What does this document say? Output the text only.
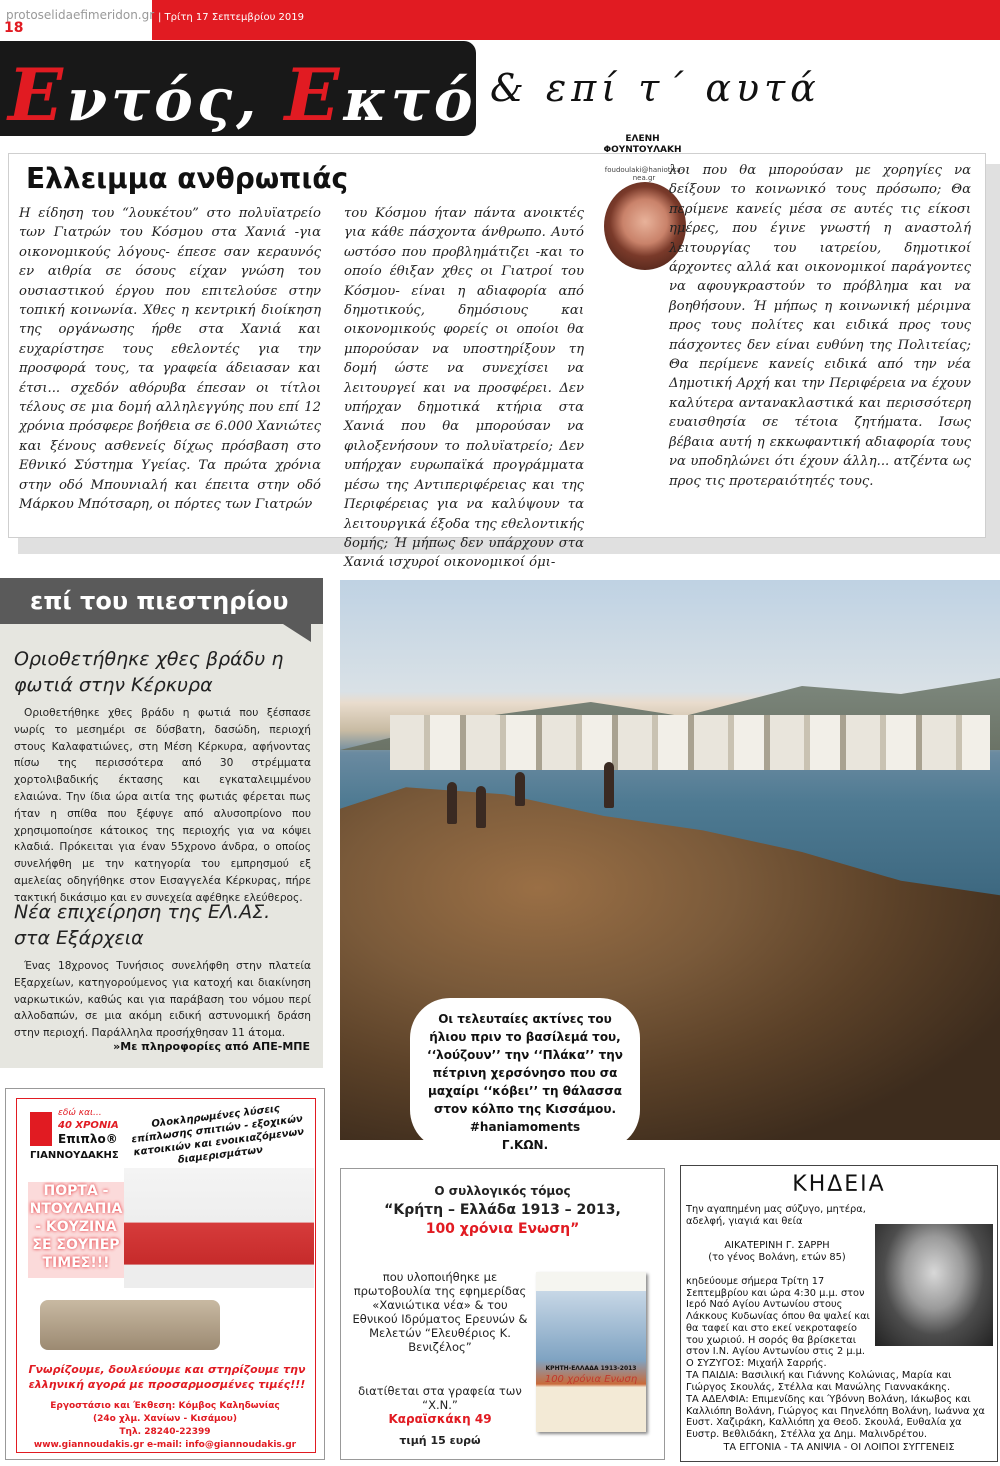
18
protoselidaefimeridon.gr | Τρίτη 17 Σεπτεμβρίου 2019
Εντός, Εκτός...
& επί τ΄ αυτά
Ελλειμμα ανθρωπιάς
ΕΛΕΝΗ ΦΟΥΝΤΟΥΛΑΚΗ
foudoulaki@haniotika-nea.gr
Η είδηση του “λουκέτου” στο πολυϊατρείο των Γιατρών του Κόσμου στα Χανιά -για οικονομικούς λόγους- έπεσε σαν κεραυνός εν αιθρία σε όσους είχαν γνώση του ουσιαστικού έργου που επιτελούσε στην τοπική κοινωνία. Χθες η κεντρική διοίκηση της οργάνωσης ήρθε στα Χανιά και ευχαρίστησε τους εθελοντές για την προσφορά τους, τα γραφεία άδειασαν και έτσι... σχεδόν αθόρυβα έπεσαν οι τίτλοι τέλους σε μια δομή αλληλεγγύης που επί 12 χρόνια πρόσφερε βοήθεια σε 6.000 Χανιώτες και ξένους ασθενείς δίχως πρόσβαση στο Εθνικό Σύστημα Υγείας. Τα πρώτα χρόνια στην οδό Μπουνιαλή και έπειτα στην οδό Μάρκου Μπότσαρη, οι πόρτες των Γιατρών
του Κόσμου ήταν πάντα ανοικτές για κάθε πάσχοντα άνθρωπο. Αυτό ωστόσο που προβλημάτιζει -και το οποίο έθιξαν χθες οι Γιατροί του Κόσμου- είναι η αδιαφορία από δημοτικούς, δημόσιους και οικονομικούς φορείς οι οποίοι θα μπορούσαν να υποστηρίξουν τη δομή ώστε να συνεχίσει να λειτουργεί και να προσφέρει. Δεν υπήρχαν δημοτικά κτήρια στα Χανιά που θα μπορούσαν να φιλοξενήσουν το πολυϊατρείο; Δεν υπήρχαν ευρωπαϊκά προγράμματα μέσω της Αντιπεριφέρειας και της Περιφέρειας για να καλύψουν τα λειτουργικά έξοδα της εθελοντικής δομής; Ή μήπως δεν υπάρχουν στα Χανιά ισχυροί οικονομικοί όμι-
λοι που θα μπορούσαν με χορηγίες να δείξουν το κοινωνικό τους πρόσωπο; Θα περίμενε κανείς μέσα σε αυτές τις είκοσι ημέρες, που έγινε γνωστή η αναστολή λειτουργίας του ιατρείου, δημοτικοί άρχοντες αλλά και οικονομικοί παράγοντες να αφουγκραστούν το πρόβλημα και να βοηθήσουν. Ή μήπως η κοινωνική μέριμνα προς τους πολίτες και ειδικά προς τους πάσχοντες δεν είναι ευθύνη της Πολιτείας; Θα περίμενε κανείς ειδικά από την νέα Δημοτική Αρχή και την Περιφέρεια να έχουν καλύτερα αντανακλαστικά και περισσότερη ευαισθησία σε τέτοια ζητήματα. Ισως βέβαια αυτή η εκκωφαντική αδιαφορία τους να υποδηλώνει ότι έχουν άλλη... ατζέντα ως προς τις προτεραιότητές τους.
επί του πιεστηρίου
Οριοθετήθηκε χθες βράδυ η φωτιά στην Κέρκυρα
Οριοθετήθηκε χθες βράδυ η φωτιά που ξέσπασε νωρίς το μεσημέρι σε δύσβατη, δασώδη, περιοχή στους Καλαφατιώνες, στη Μέση Κέρκυρα, αφήνοντας πίσω της περισσότερα από 30 στρέμματα χορτολιβαδικής έκτασης και εγκαταλειμμένου ελαιώνα. Την ίδια ώρα αιτία της φωτιάς φέρεται πως ήταν η σπίθα που ξέφυγε από αλυσοπρίονο που χρησιμοποίησε κάτοικος της περιοχής για να κόψει κλαδιά. Πρόκειται για έναν 55χρονο άνδρα, ο οποίος συνελήφθη με την κατηγορία του εμπρησμού εξ αμελείας οδηγήθηκε στον Εισαγγελέα Κέρκυρας, πήρε τακτική δικάσιμο και εν συνεχεία αφέθηκε ελεύθερος.
Νέα επιχείρηση της ΕΛ.ΑΣ. στα Εξάρχεια
Ένας 18χρονος Τυνήσιος συνελήφθη στην πλατεία Εξαρχείων, κατηγορούμενος για κατοχή και διακίνηση ναρκωτικών, καθώς και για παράβαση του νόμου περί αλλοδαπών, σε μια ακόμη ειδική αστυνομική δράση στην περιοχή. Παράλληλα προσήχθησαν 11 άτομα.
»Με πληροφορίες από ΑΠΕ-ΜΠΕ
Οι τελευταίες ακτίνες του ήλιου πριν το βασίλεμά του, ‘‘λούζουν’’ την ‘‘Πλάκα’’ την πέτρινη χερσόνησο που σα μαχαίρι ‘‘κόβει’’ τη θάλασσα στον κόλπο της Κισσάμου.
#haniamoments
Γ.ΚΩΝ.
εδώ και...
40 ΧΡΟΝΙΑ
Επιπλο®
ΓΙΑΝΝΟΥΔΑΚΗΣ
Ολοκληρωμένες λύσεις επίπλωσης σπιτιών - εξοχικών κατοικιών και ενοικιαζόμενων διαμερισμάτων
ΠΟΡΤΑ - ΝΤΟΥΛΑΠΙΑ - ΚΟΥΖΙΝΑ ΣΕ ΣΟΥΠΕΡ ΤΙΜΕΣ!!!
Γνωρίζουμε, δουλεύουμε και στηρίζουμε την ελληνική αγορά με προσαρμοσμένες τιμές!!!
Εργοστάσιο και Έκθεση: Κόμβος Καληδωνίας
(24ο χλμ. Χανίων - Κισάμου)
Τηλ. 28240-22399
www.giannoudakis.gr e-mail: info@giannoudakis.gr
Ο συλλογικός τόμος
“Κρήτη – Ελλάδα 1913 – 2013,
100 χρόνια Ενωση”
που υλοποιήθηκε με πρωτοβουλία της εφημερίδας «Χανιώτικα νέα» & του Εθνικού Ιδρύματος Ερευνών & Μελετών “Ελευθέριος Κ. Βενιζέλος”
διατίθεται στα γραφεία των “Χ.Ν.”
Καραϊσκάκη 49
τιμή 15 ευρώ
ΚΡΗΤΗ-ΕΛΛΑΔΑ 1913-2013
100 χρόνια Ενωση
ΚΗΔΕΙΑ
Την αγαπημένη μας σύζυγο, μητέρα, αδελφή, γιαγιά και θεία
ΑΙΚΑΤΕΡΙΝΗ Γ. ΣΑΡΡΗ
(το γένος Βολάνη, ετών 85)
κηδεύουμε σήμερα Τρίτη 17 Σεπτεμβρίου και ώρα 4:30 μ.μ. στον Ιερό Ναό Αγίου Αντωνίου στους Λάκκους Κυδωνίας όπου θα ψαλεί και θα ταφεί και στο εκεί νεκροταφείο του χωριού. Η σορός θα βρίσκεται στον Ι.Ν. Αγίου Αντωνίου στις 2 μ.μ.
Ο ΣΥΖΥΓΟΣ: Μιχαήλ Σαρρής.
ΤΑ ΠΑΙΔΙΑ: Βασιλική και Γιάννης Κολώνιας, Μαρία και Γιώργος Σκουλάς, Στέλλα και Μανώλης Γιαννακάκης.
ΤΑ ΑΔΕΛΦΙΑ: Επιμενίδης και Ύβόννη Βολάνη, Ιάκωβος και Καλλιόπη Βολάνη, Γιώργος και Πηνελόπη Βολάνη, Ιωάννα χα Ευστ. Χαζιράκη, Καλλιόπη χα Θεοδ. Σκουλά, Ευθαλία χα Ευστρ. Βεθλιδάκη, Στέλλα χα Δημ. Μαλινδρέτου.
ΤΑ ΕΓΓΟΝΙΑ - ΤΑ ΑΝΙΨΙΑ - ΟΙ ΛΟΙΠΟΙ ΣΥΓΓΕΝΕΙΣ
